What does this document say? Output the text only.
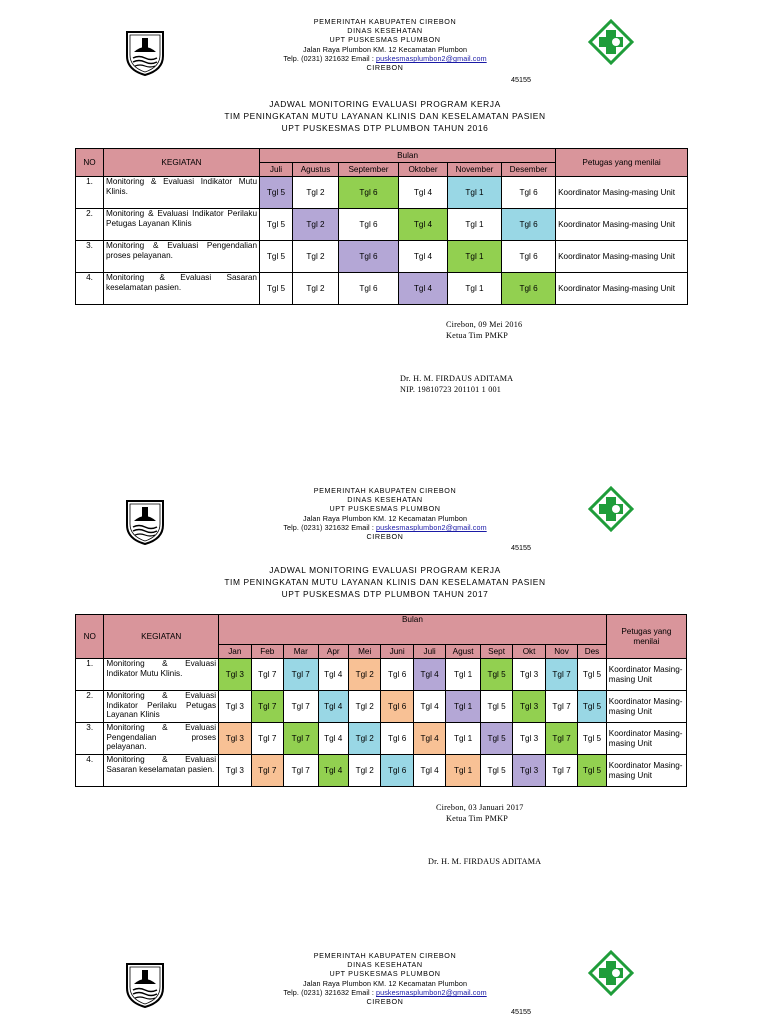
PEMERINTAH KABUPATEN CIREBON
DINAS KESEHATAN
UPT PUSKESMAS PLUMBON
Jalan Raya Plumbon KM. 12 Kecamatan Plumbon
Telp. (0231) 321632 Email : puskesmasplumbon2@gmail.com
CIREBON
45155
JADWAL MONITORING EVALUASI PROGRAM KERJA
TIM PENINGKATAN MUTU LAYANAN KLINIS DAN KESELAMATAN PASIEN
UPT PUSKESMAS DTP PLUMBON TAHUN 2016
NO	KEGIATAN	Bulan						Petugas yang menilai
		Juli	Agustus	September	Oktober	November	Desember	
1.	Monitoring & Evaluasi Indikator Mutu Klinis.	Tgl 5	Tgl 2	Tgl 6	Tgl 4	Tgl 1	Tgl 6	Koordinator Masing-masing Unit
2.	Monitoring & Evaluasi Indikator Perilaku Petugas Layanan Klinis	Tgl 5	Tgl 2	Tgl 6	Tgl 4	Tgl 1	Tgl 6	Koordinator Masing-masing Unit
3.	Monitoring & Evaluasi Pengendalian proses pelayanan.	Tgl 5	Tgl 2	Tgl 6	Tgl 4	Tgl 1	Tgl 6	Koordinator Masing-masing Unit
4.	Monitoring & Evaluasi Sasaran keselamatan pasien.	Tgl 5	Tgl 2	Tgl 6	Tgl 4	Tgl 1	Tgl 6	Koordinator Masing-masing Unit
Cirebon, 09 Mei 2016
Ketua Tim PMKP
Dr. H. M. FIRDAUS ADITAMA
NIP. 19810723 201101 1 001
PEMERINTAH KABUPATEN CIREBON
DINAS KESEHATAN
UPT PUSKESMAS PLUMBON
Jalan Raya Plumbon KM. 12 Kecamatan Plumbon
Telp. (0231) 321632 Email : puskesmasplumbon2@gmail.com
CIREBON
45155
JADWAL MONITORING EVALUASI PROGRAM KERJA
TIM PENINGKATAN MUTU LAYANAN KLINIS DAN KESELAMATAN PASIEN
UPT PUSKESMAS DTP PLUMBON TAHUN 2017
NO	KEGIATAN	Bulan												Petugas yang menilai
		Jan	Feb	Mar	Apr	Mei	Juni	Juli	Agust	Sept	Okt	Nov	Des	
1.	Monitoring & Evaluasi Indikator Mutu Klinis.	Tgl 3	Tgl 7	Tgl 7	Tgl 4	Tgl 2	Tgl 6	Tgl 4	Tgl 1	Tgl 5	Tgl 3	Tgl 7	Tgl 5	Koordinator Masing-masing Unit
2.	Monitoring & Evaluasi Indikator Perilaku Petugas Layanan Klinis	Tgl 3	Tgl 7	Tgl 7	Tgl 4	Tgl 2	Tgl 6	Tgl 4	Tgl 1	Tgl 5	Tgl 3	Tgl 7	Tgl 5	Koordinator Masing-masing Unit
3.	Monitoring & Evaluasi Pengendalian proses pelayanan.	Tgl 3	Tgl 7	Tgl 7	Tgl 4	Tgl 2	Tgl 6	Tgl 4	Tgl 1	Tgl 5	Tgl 3	Tgl 7	Tgl 5	Koordinator Masing-masing Unit
4.	Monitoring & Evaluasi Sasaran keselamatan pasien.	Tgl 3	Tgl 7	Tgl 7	Tgl 4	Tgl 2	Tgl 6	Tgl 4	Tgl 1	Tgl 5	Tgl 3	Tgl 7	Tgl 5	Koordinator Masing-masing Unit
Cirebon, 03 Januari 2017
Ketua Tim PMKP
Dr. H. M. FIRDAUS ADITAMA
PEMERINTAH KABUPATEN CIREBON
DINAS KESEHATAN
UPT PUSKESMAS PLUMBON
Jalan Raya Plumbon KM. 12 Kecamatan Plumbon
Telp. (0231) 321632 Email : puskesmasplumbon2@gmail.com
CIREBON
45155
